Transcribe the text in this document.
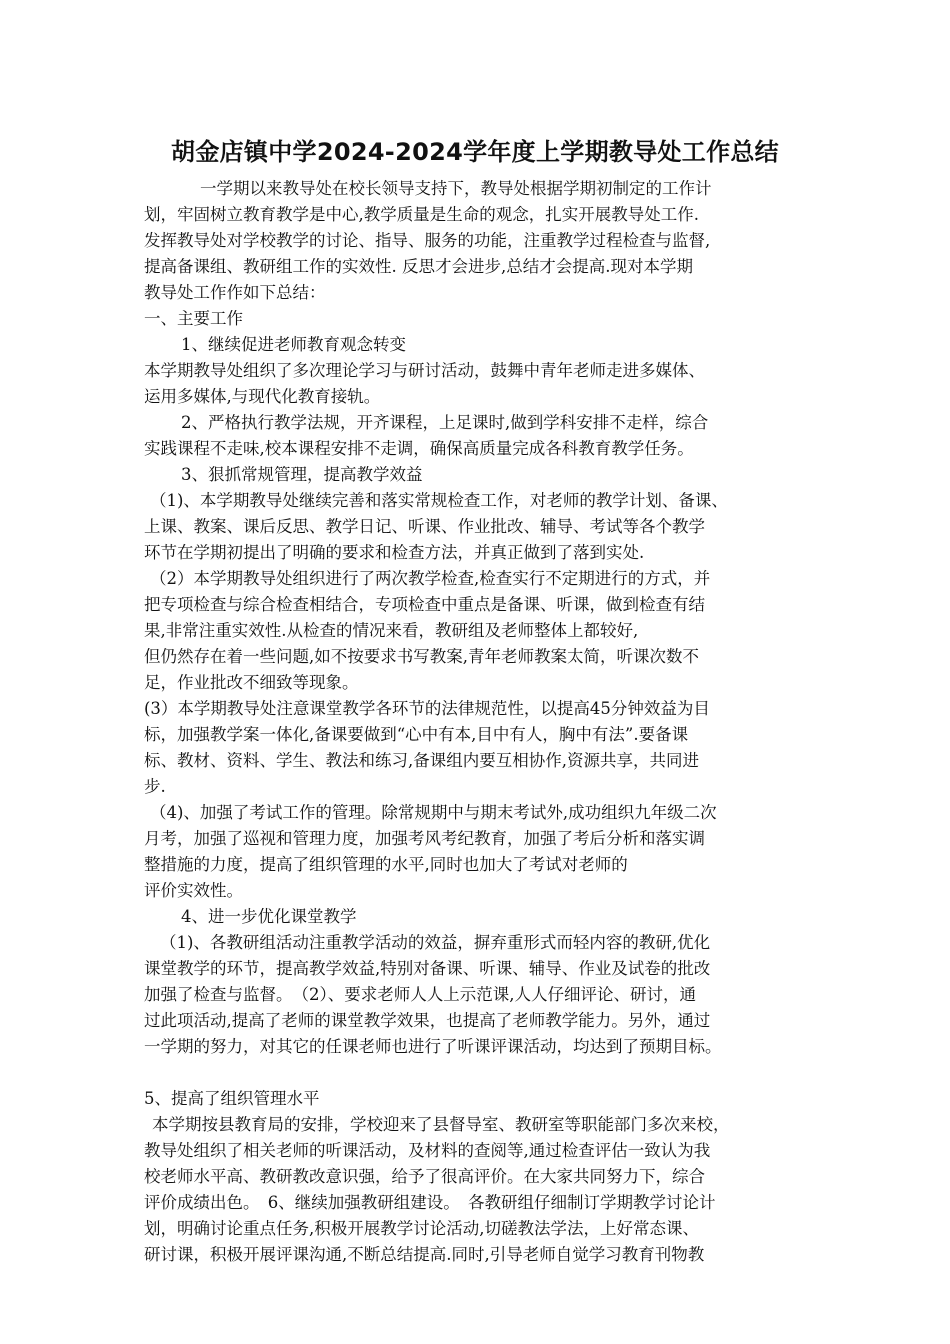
胡金店镇中学2024-2024学年度上学期教导处工作总结
一学期以来教导处在校长领导支持下，教导处根据学期初制定的工作计
划，牢固树立教育教学是中心,教学质量是生命的观念，扎实开展教导处工作.
发挥教导处对学校教学的讨论、指导、服务的功能，注重教学过程检查与监督,
提高备课组、教研组工作的实效性. 反思才会进步,总结才会提高.现对本学期
教导处工作作如下总结：
一、主要工作
1、继续促进老师教育观念转变
本学期教导处组织了多次理论学习与研讨活动，鼓舞中青年老师走进多媒体、
运用多媒体,与现代化教育接轨。
2、严格执行教学法规，开齐课程，上足课时,做到学科安排不走样，综合
实践课程不走味,校本课程安排不走调，确保高质量完成各科教育教学任务。
3、狠抓常规管理，提高教学效益
（1)、本学期教导处继续完善和落实常规检查工作，对老师的教学计划、备课、
上课、教案、课后反思、教学日记、听课、作业批改、辅导、考试等各个教学
环节在学期初提出了明确的要求和检查方法，并真正做到了落到实处.
（2）本学期教导处组织进行了两次教学检查,检查实行不定期进行的方式，并
把专项检查与综合检查相结合，专项检查中重点是备课、听课，做到检查有结
果,非常注重实效性.从检查的情况来看，教研组及老师整体上都较好,
但仍然存在着一些问题,如不按要求书写教案,青年老师教案太简，听课次数不
足，作业批改不细致等现象。
(3）本学期教导处注意课堂教学各环节的法律规范性，以提高45分钟效益为目
标，加强教学案一体化,备课要做到“心中有本,目中有人，胸中有法”.要备课
标、教材、资料、学生、教法和练习,备课组内要互相协作,资源共享，共同进
步.
（4)、加强了考试工作的管理。除常规期中与期末考试外,成功组织九年级二次
月考，加强了巡视和管理力度，加强考风考纪教育，加强了考后分析和落实调
整措施的力度，提高了组织管理的水平,同时也加大了考试对老师的
评价实效性。
4、进一步优化课堂教学
（1)、各教研组活动注重教学活动的效益，摒弃重形式而轻内容的教研,优化
课堂教学的环节，提高教学效益,特别对备课、听课、辅导、作业及试卷的批改
加强了检查与监督。　（2）、要求老师人人上示范课,人人仔细评论、研讨，通
过此项活动,提高了老师的课堂教学效果，也提高了老师教学能力。另外，通过
一学期的努力，对其它的任课老师也进行了听课评课活动，均达到了预期目标。
5、提高了组织管理水平
本学期按县教育局的安排，学校迎来了县督导室、教研室等职能部门多次来校，
教导处组织了相关老师的听课活动，及材料的查阅等,通过检查评估一致认为我
校老师水平高、教研教改意识强，给予了很高评价。在大家共同努力下，综合
评价成绩出色。　6、继续加强教研组建设。　各教研组仔细制订学期教学讨论计
划，明确讨论重点任务,积极开展教学讨论活动,切磋教法学法，上好常态课、
研讨课，积极开展评课沟通,不断总结提高.同时,引导老师自觉学习教育刊物教
